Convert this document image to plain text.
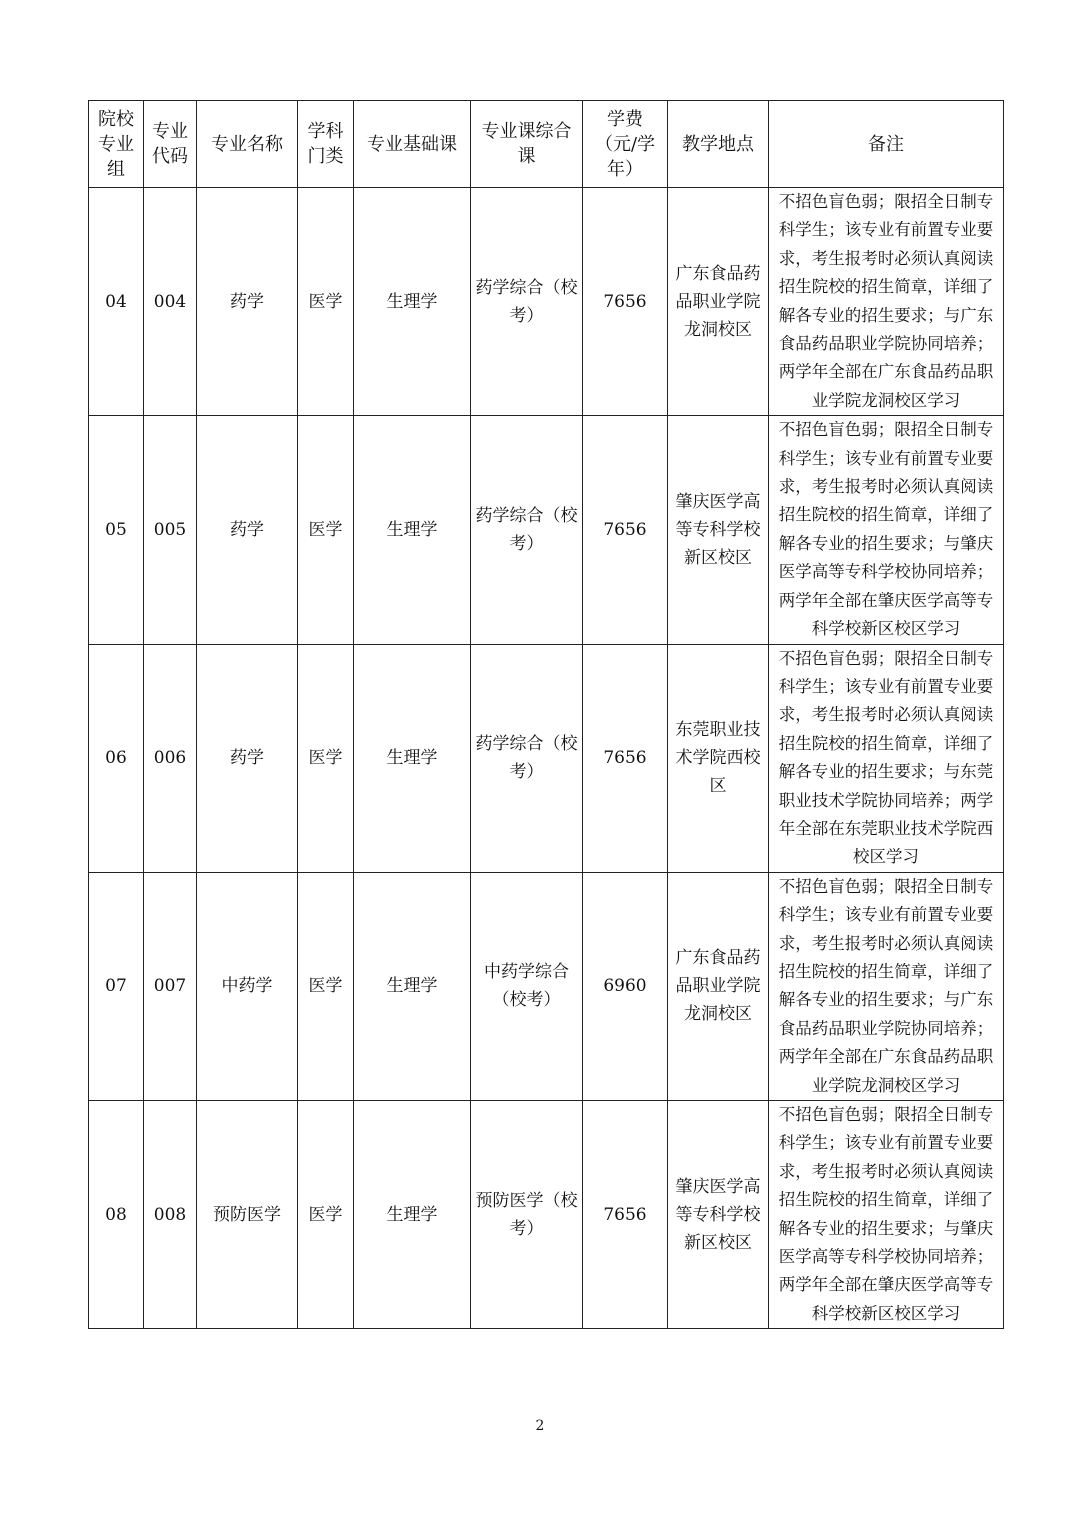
院校专业组	专业代码	专业名称	学科门类	专业基础课	专业课综合课	学费（元/学年）	教学地点	备注
04	004	药学	医学	生理学	药学综合（校考）	7656	广东食品药品职业学院龙洞校区	不招色盲色弱；限招全日制专科学生；该专业有前置专业要求，考生报考时必须认真阅读招生院校的招生简章，详细了解各专业的招生要求；与广东食品药品职业学院协同培养；两学年全部在广东食品药品职业学院龙洞校区学习
05	005	药学	医学	生理学	药学综合（校考）	7656	肇庆医学高等专科学校新区校区	不招色盲色弱；限招全日制专科学生；该专业有前置专业要求，考生报考时必须认真阅读招生院校的招生简章，详细了解各专业的招生要求；与肇庆医学高等专科学校协同培养；两学年全部在肇庆医学高等专科学校新区校区学习
06	006	药学	医学	生理学	药学综合（校考）	7656	东莞职业技术学院西校区	不招色盲色弱；限招全日制专科学生；该专业有前置专业要求，考生报考时必须认真阅读招生院校的招生简章，详细了解各专业的招生要求；与东莞职业技术学院协同培养；两学年全部在东莞职业技术学院西校区学习
07	007	中药学	医学	生理学	中药学综合（校考）	6960	广东食品药品职业学院龙洞校区	不招色盲色弱；限招全日制专科学生；该专业有前置专业要求，考生报考时必须认真阅读招生院校的招生简章，详细了解各专业的招生要求；与广东食品药品职业学院协同培养；两学年全部在广东食品药品职业学院龙洞校区学习
08	008	预防医学	医学	生理学	预防医学（校考）	7656	肇庆医学高等专科学校新区校区	不招色盲色弱；限招全日制专科学生；该专业有前置专业要求，考生报考时必须认真阅读招生院校的招生简章，详细了解各专业的招生要求；与肇庆医学高等专科学校协同培养；两学年全部在肇庆医学高等专科学校新区校区学习
2
